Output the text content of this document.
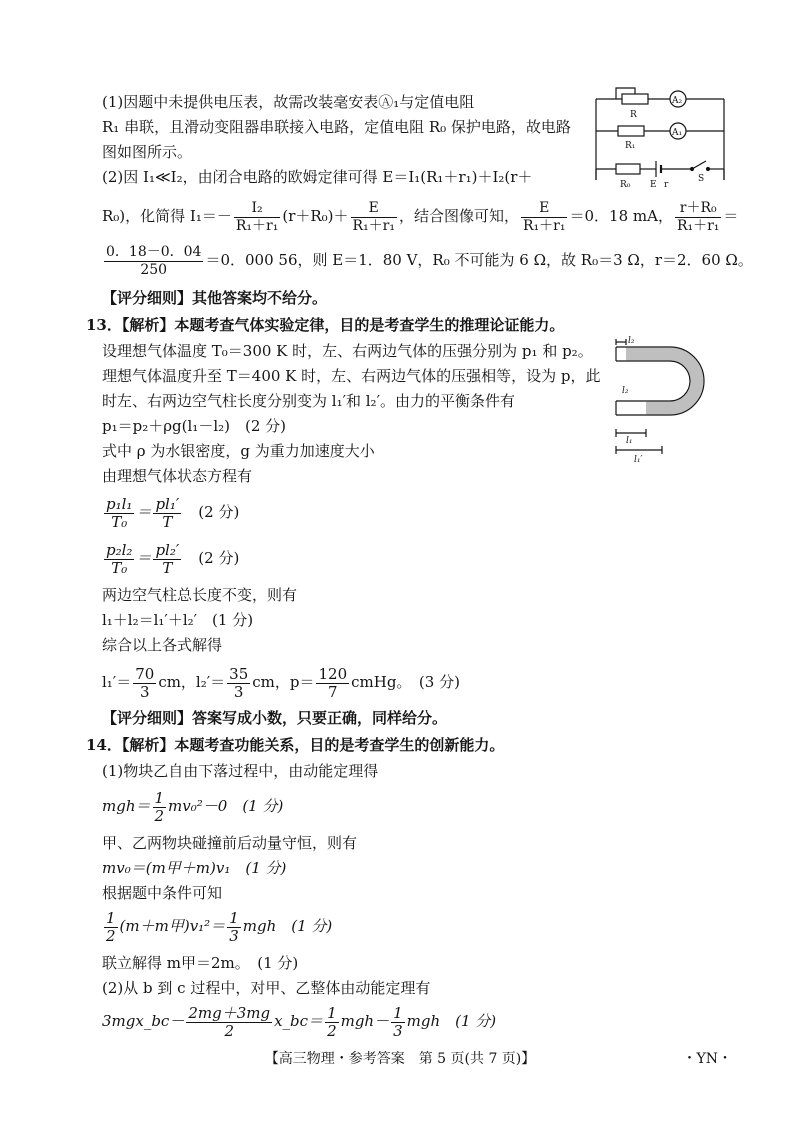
(1)因题中未提供电压表，故需改装毫安表Ⓐ₁与定值电阻
R₁ 串联，且滑动变阻器串联接入电路，定值电阻 R₀ 保护电路，故电路
图如图所示。
(2)因 I₁≪I₂，由闭合电路的欧姆定律可得 E＝I₁(R₁＋r₁)＋I₂(r＋
R₀)，化简得 $I_1=- \frac{\text{I₂}}{\text{R₁＋r₁}} (r+R_0)+ \frac{E}{\text{R₁＋r₁}}$ ，结合图像可知， $\frac{E}{\text{R₁＋r₁}} =0$．18 mA， $\frac{\text{r＋R₀}}{\text{R₁＋r₁}}$ ＝
$\frac{0.18-0.04}{250} =0$．000 56，则 E＝1．80 V，R₀ 不可能为 6 Ω，故 R₀＝3 Ω，r＝2．60 Ω。
【评分细则】其他答案均不给分。
R
A₂
R₁
A₁
R₀ E r
S
13．【解析】本题考查气体实验定律，目的是考查学生的推理论证能力。
设理想气体温度 T₀＝300 K 时，左、右两边气体的压强分别为 p₁ 和 p₂。
理想气体温度升至 T＝400 K 时，左、右两边气体的压强相等，设为 p，此
时左、右两边空气柱长度分别变为 l₁′和 l₂′。由力的平衡条件有
p₁＝p₂＋ρg(l₁－l₂)　(2 分)
式中 ρ 为水银密度，g 为重力加速度大小
由理想气体状态方程有
$\frac{\text{p₁l₁}}{\text{T₀}} = \frac{\text{pl₁′}}{T}$
　 (2 分)
$\frac{\text{p₂l₂}}{\text{T₀}} = \frac{\text{pl₂′}}{T}$
　 (2 分)
两边空气柱总长度不变，则有
l₁＋l₂＝l₁′＋l₂′　(1 分)
综合以上各式解得
$l_1'= \frac{70}{3}$ cm，$l_2'= \frac{35}{3}$ cm，$p= \frac{120}{7}$ cmHg。　(3 分)
【评分细则】答案写成小数，只要正确，同样给分。
l₂
l₂
l₁
l₁′
14．【解析】本题考查功能关系，目的是考查学生的创新能力。
(1)物块乙自由下落过程中，由动能定理得
$mgh= \frac{1}{2} mv_0^2-0$　(1 分)
甲、乙两物块碰撞前后动量守恒，则有
mv₀＝(m甲＋m)v₁　(1 分)
根据题中条件可知
$\frac{1}{2} (m+m$甲)$v_1^2= \frac{1}{3}$ mgh　(1 分)
联立解得 m甲＝2m。　(1 分)
(2)从 b 到 c 过程中，对甲、乙整体由动能定理有
3mgx_bc－ $\frac{2mg+3mg}{2}$ x_bc＝ $\frac{1}{2} mgh- \frac{1}{3}$ mgh　(1 分)
【高三物理・参考答案　第 5 页(共 7 页)】	・YN・
